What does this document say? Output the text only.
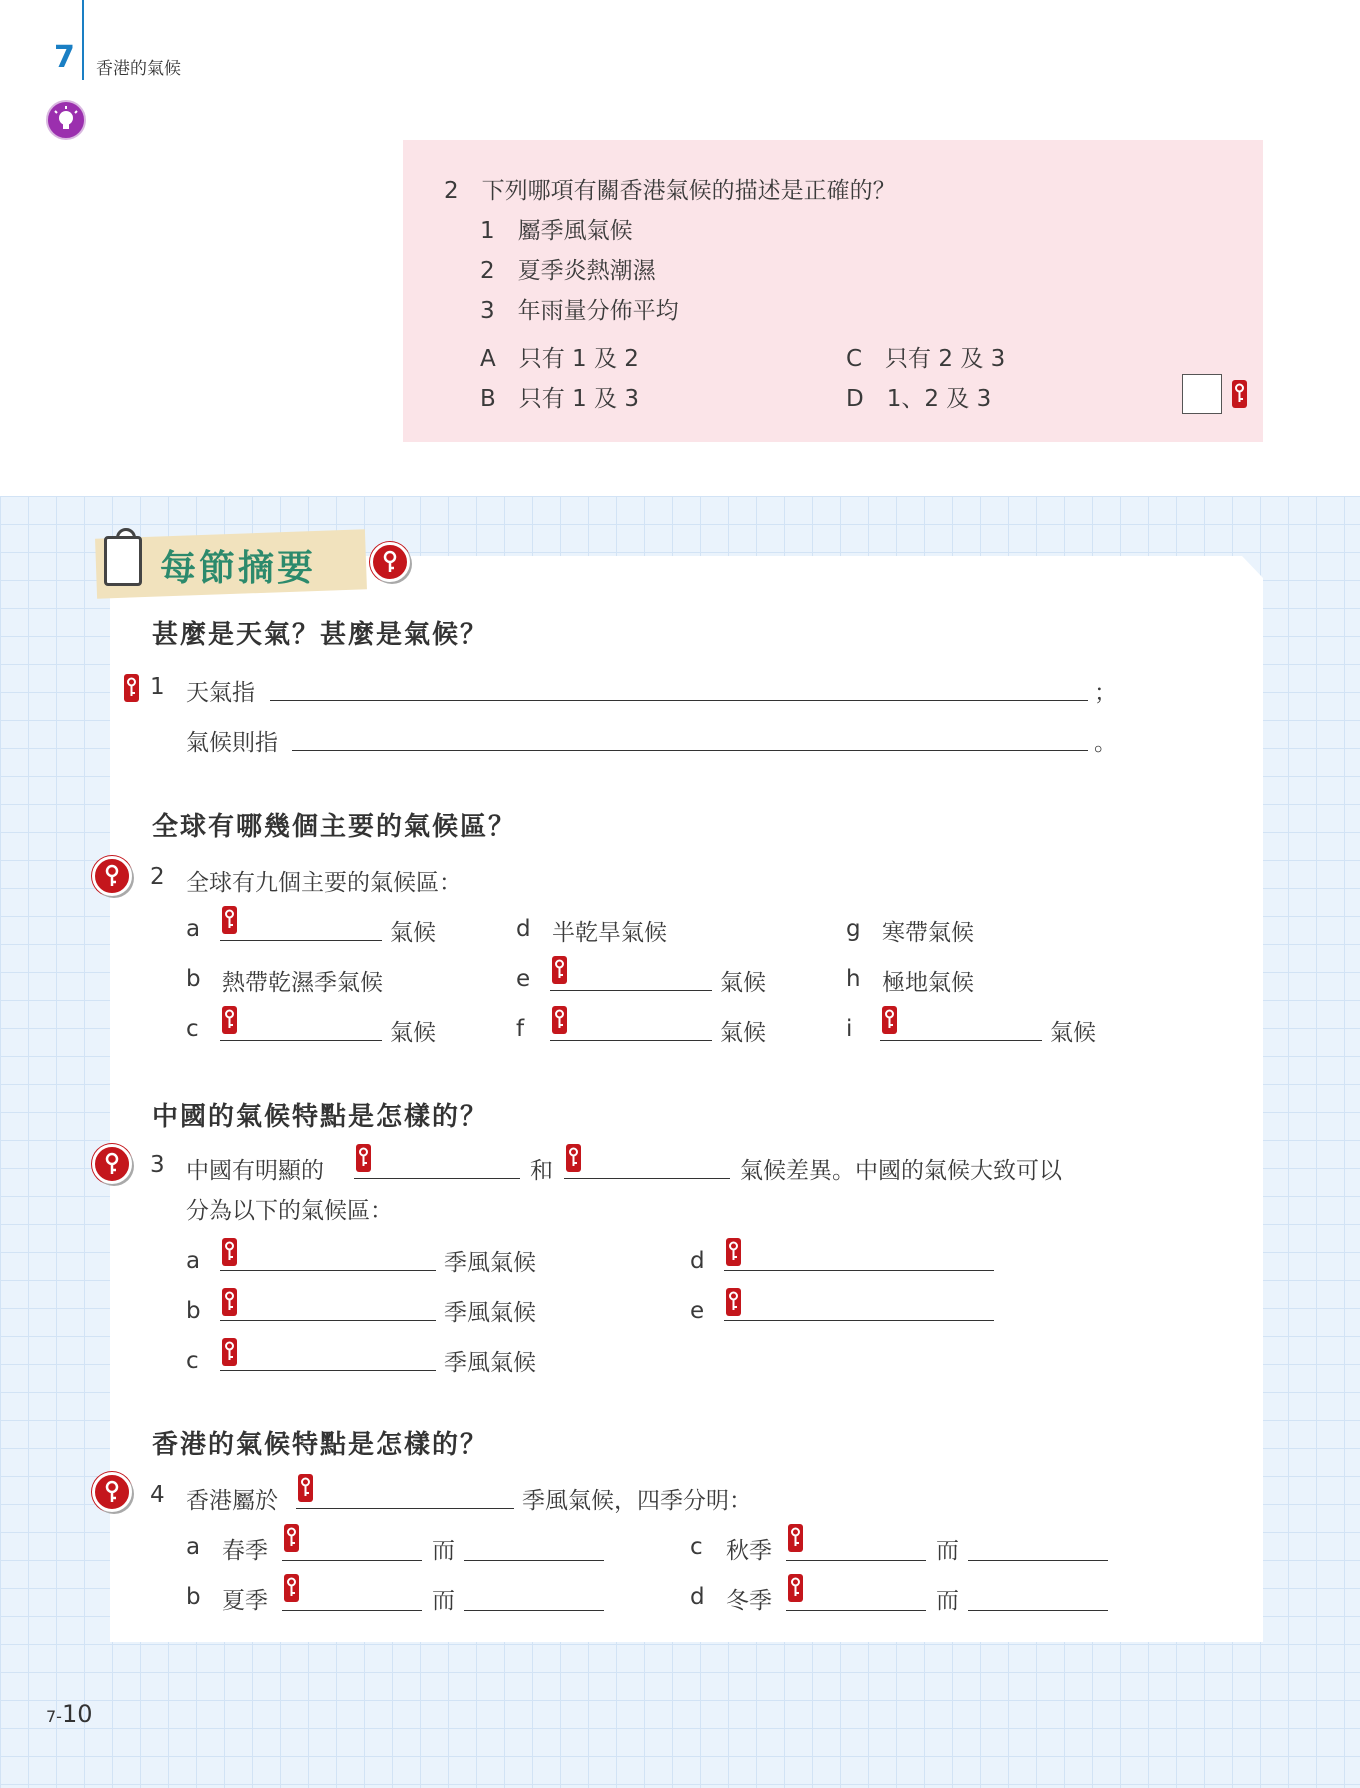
7 香港的氣候
2　下列哪項有關香港氣候的描述是正確的？
1　屬季風氣候
2　夏季炎熱潮濕
3　年雨量分佈平均
A　只有 1 及 2
B　只有 1 及 3
C　只有 2 及 3
D　1、2 及 3
每節摘要
甚麼是天氣？甚麼是氣候？
1 天氣指	；
氣候則指	。
全球有哪幾個主要的氣候區？
2 全球有九個主要的氣候區：
a	氣候
b 熱帶乾濕季氣候
c	氣候
d 半乾旱氣候
e	氣候
f	氣候
g 寒帶氣候
h 極地氣候
i	氣候
中國的氣候特點是怎樣的？
3 中國有明顯的	和	氣候差異。中國的氣候大致可以
分為以下的氣候區：
a	季風氣候
b	季風氣候
c	季風氣候
d
e
香港的氣候特點是怎樣的？
4 香港屬於	季風氣候，四季分明：
a 春季	而
b 夏季	而
c 秋季	而
d 冬季	而
7-10
